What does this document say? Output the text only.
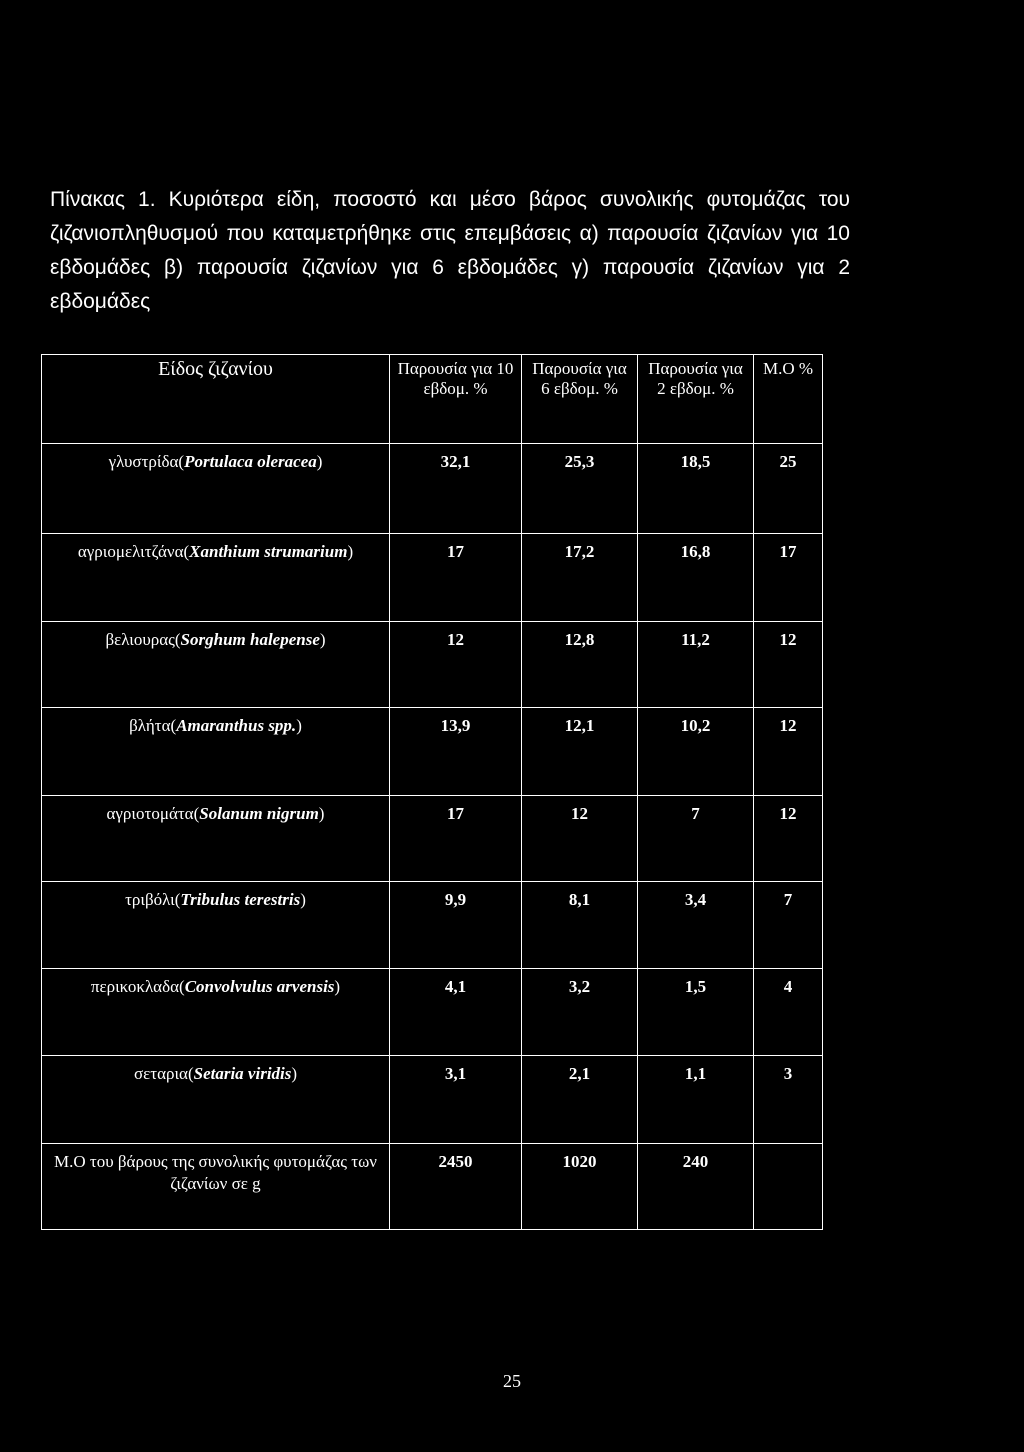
Πίνακας 1. Κυριότερα είδη, ποσοστό και μέσο βάρος συνολικής φυτομάζας του ζιζανιοπληθυσμού που καταμετρήθηκε στις επεμβάσεις α) παρουσία ζιζανίων για 10 εβδομάδες β) παρουσία ζιζανίων για 6 εβδομάδες γ) παρουσία ζιζανίων για 2 εβδομάδες

Είδος ζιζανίου	Παρουσία για 10 εβδομ. %	Παρουσία για 6 εβδομ. %	Παρουσία για 2 εβδομ. %	Μ.Ο %
γλυστρίδα(Portulaca oleracea)	32,1	25,3	18,5	25
αγριομελιτζάνα(Xanthium strumarium)	17	17,2	16,8	17
βελιουρας(Sorghum halepense)	12	12,8	11,2	12
βλήτα(Amaranthus spp.)	13,9	12,1	10,2	12
αγριοτομάτα(Solanum nigrum)	17	12	7	12
τριβόλι(Tribulus terestris)	9,9	8,1	3,4	7
περικοκλαδα(Convolvulus arvensis)	4,1	3,2	1,5	4
σεταρια(Setaria viridis)	3,1	2,1	1,1	3
Μ.Ο του βάρους της συνολικής φυτομάζας των ζιζανίων σε g	2450	1020	240	
25
